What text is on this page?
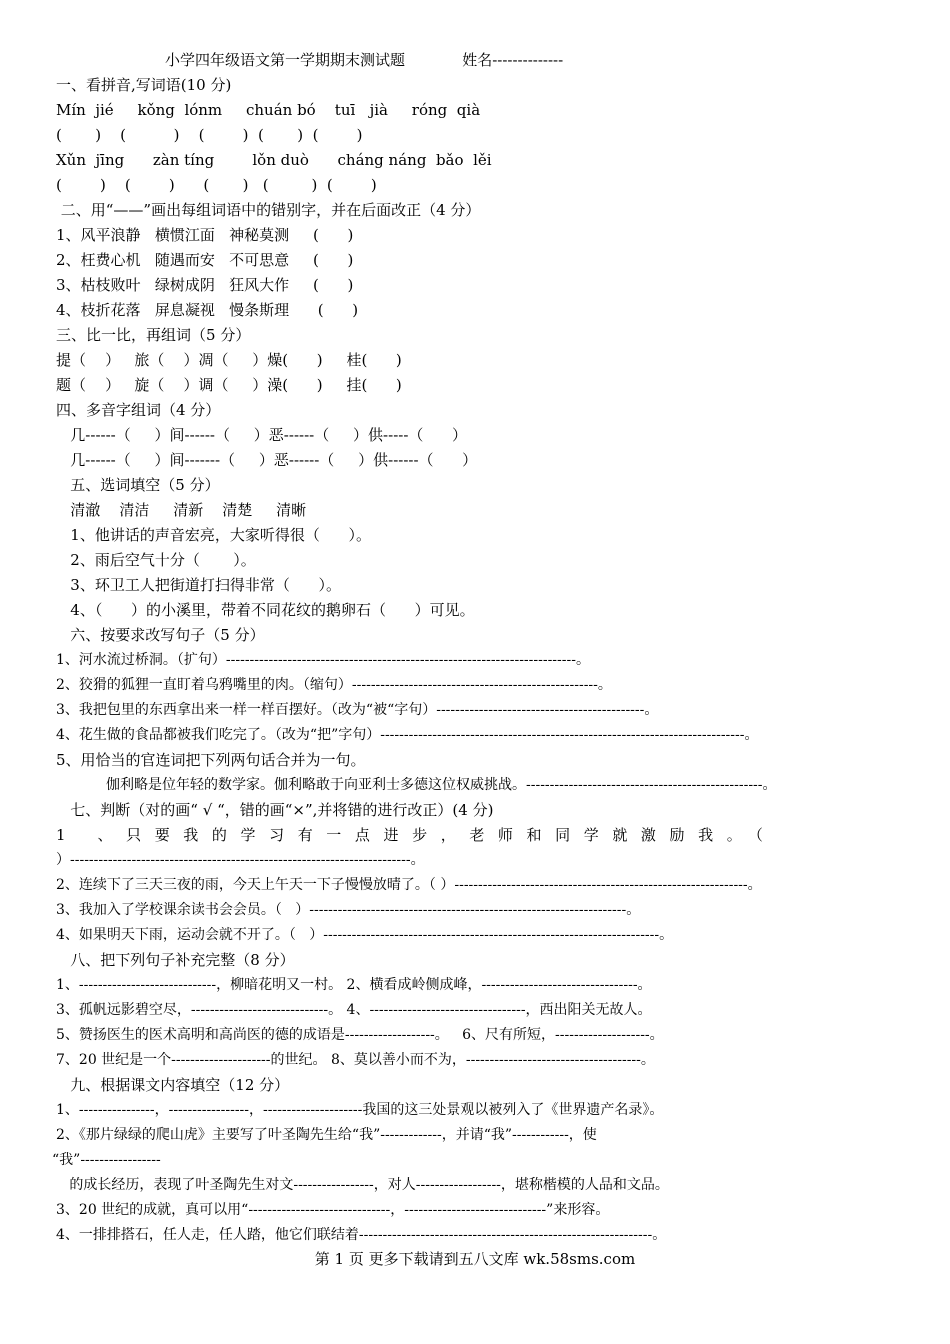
小学四年级语文第一学期期末测试题            姓名--------------
一、看拼音,写词语(10 分)
Mín  jié     kǒng  lónm     chuán bó    tuī   jià     róng  qià
(       )    (          )    (        )  (       )  (        )
Xǔn  jīng      zàn tíng        lǒn duò      cháng náng  bǎo  lěi
(        )    (        )      (       )   (         )  (        )
二、用“——”画出每组词语中的错别字，并在后面改正（4 分）
1、风平浪静   横惯江面   神秘莫测     (      )
2、枉费心机   随遇而安   不可思意     (      )
3、枯枝败叶   绿树成阴   狂风大作     (      )
4、枝折花落   屏息凝视   慢条斯理      (      )
三、比一比，再组词（5 分）
提（    ）   旅（    ）凋（     ）燥(      )     桂(      )
题（    ）   旋（    ）调（     ）澡(      )     挂(      )
四、多音字组词（4 分）
几------（     ）间------（     ）恶------（     ）供-----（      ）
几------（     ）间-------（     ）恶------（     ）供------（      ）
五、选词填空（5 分）
清澈    清洁     清新    清楚     清晰
1、他讲话的声音宏亮，大家听得很（      ）。
2、雨后空气十分（       ）。
3、环卫工人把街道打扫得非常（      ）。
4、（      ）的小溪里，带着不同花纹的鹅卵石（      ）可见。
六、按要求改写句子（5 分）
1、河水流过桥洞。（扩句）--------------------------------------------------------------------------。
2、狡猾的狐狸一直盯着乌鸦嘴里的肉。（缩句）----------------------------------------------------。
3、我把包里的东西拿出来一样一样百摆好。（改为“被“字句）--------------------------------------------。
4、花生做的食品都被我们吃完了。（改为“把”字句）-----------------------------------------------------------------------------。
5、用恰当的官连词把下列两句话合并为一句。
伽利略是位年轻的数学家。伽利略敢于向亚利士多德这位权威挑战。--------------------------------------------------。
七、判断（对的画“ √ “，错的画“×”,并将错的进行改正）(4 分)
1 、只要我的学习有一点进步，老师和同学就激励我。（
）------------------------------------------------------------------------。
2、连续下了三天三夜的雨，今天上午天一下子慢慢放晴了。（ ）--------------------------------------------------------------。
3、我加入了学校课余读书会会员。（   ）-------------------------------------------------------------------。
4、如果明天下雨，运动会就不开了。（   ）-----------------------------------------------------------------------。
八、把下列句子补充完整（8 分）
1、-----------------------------，柳暗花明又一村。 2、横看成岭侧成峰，---------------------------------。
3、孤帆远影碧空尽，-----------------------------。 4、---------------------------------，西出阳关无故人。
5、赞扬医生的医术高明和高尚医的德的成语是-------------------。   6、尺有所短，--------------------。
7、20 世纪是一个---------------------的世纪。 8、莫以善小而不为，-------------------------------------。
九、根据课文内容填空（12 分）
1、----------------，-----------------，---------------------我国的这三处景观以被列入了《世界遗产名录》。
2、《那片绿绿的爬山虎》主要写了叶圣陶先生给“我”-------------，并请“我”------------，使
“我”-----------------
的成长经历，表现了叶圣陶先生对文-----------------，对人------------------，堪称楷模的人品和文品。
3、20 世纪的成就，真可以用“------------------------------，------------------------------”来形容。
4、一排排搭石，任人走，任人踏，他它们联结着--------------------------------------------------------------。
第 1 页 更多下载请到五八文库 wk.58sms.com
